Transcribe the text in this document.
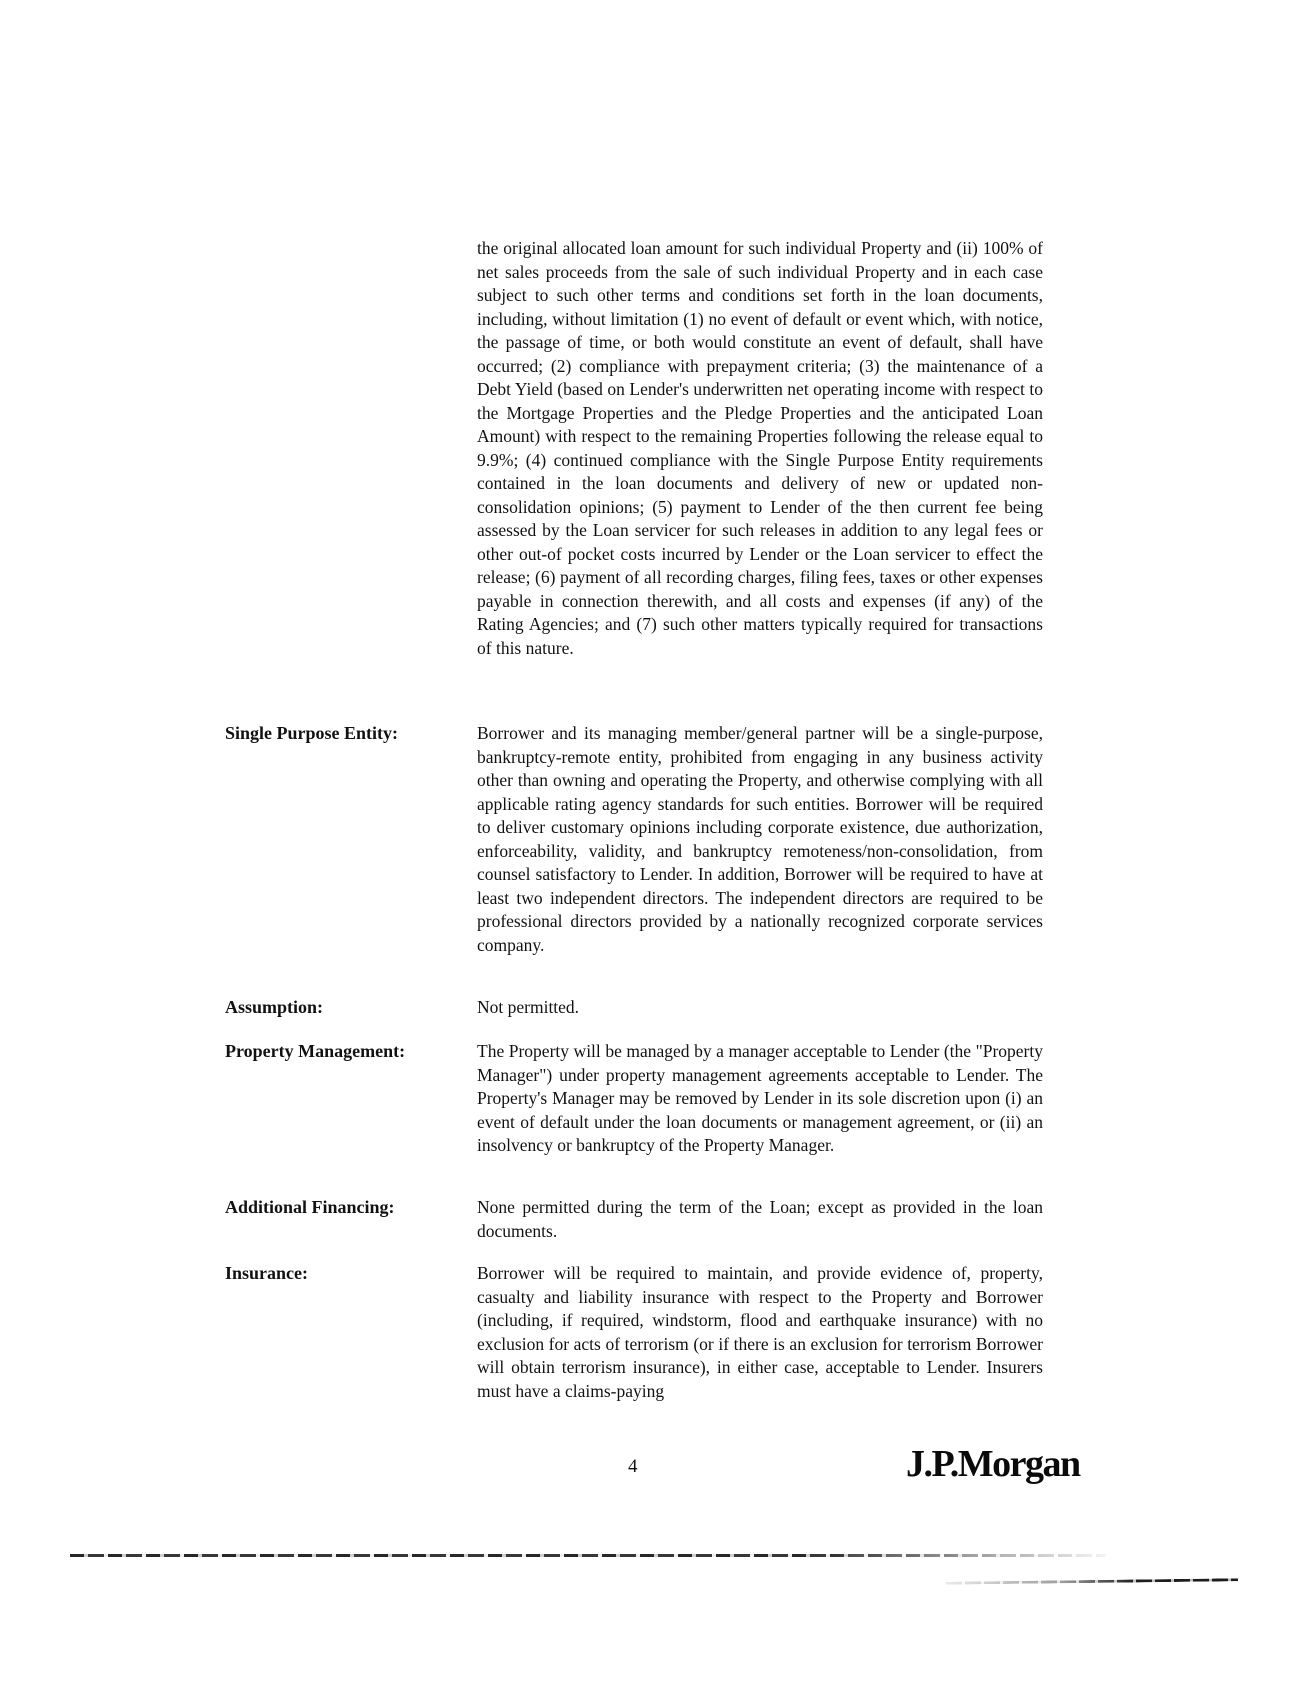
the original allocated loan amount for such individual Property and (ii) 100% of net sales proceeds from the sale of such individual Property and in each case subject to such other terms and conditions set forth in the loan documents, including, without limitation (1) no event of default or event which, with notice, the passage of time, or both would constitute an event of default, shall have occurred; (2) compliance with prepayment criteria; (3) the maintenance of a Debt Yield (based on Lender's underwritten net operating income with respect to the Mortgage Properties and the Pledge Properties and the anticipated Loan Amount) with respect to the remaining Properties following the release equal to 9.9%; (4) continued compliance with the Single Purpose Entity requirements contained in the loan documents and delivery of new or updated non-consolidation opinions; (5) payment to Lender of the then current fee being assessed by the Loan servicer for such releases in addition to any legal fees or other out-of pocket costs incurred by Lender or the Loan servicer to effect the release; (6) payment of all recording charges, filing fees, taxes or other expenses payable in connection therewith, and all costs and expenses (if any) of the Rating Agencies; and (7) such other matters typically required for transactions of this nature.
Single Purpose Entity:	Borrower and its managing member/general partner will be a single-purpose, bankruptcy-remote entity, prohibited from engaging in any business activity other than owning and operating the Property, and otherwise complying with all applicable rating agency standards for such entities. Borrower will be required to deliver customary opinions including corporate existence, due authorization, enforceability, validity, and bankruptcy remoteness/non-consolidation, from counsel satisfactory to Lender. In addition, Borrower will be required to have at least two independent directors. The independent directors are required to be professional directors provided by a nationally recognized corporate services company.
Assumption:	Not permitted.
Property Management:	The Property will be managed by a manager acceptable to Lender (the "Property Manager") under property management agreements acceptable to Lender. The Property's Manager may be removed by Lender in its sole discretion upon (i) an event of default under the loan documents or management agreement, or (ii) an insolvency or bankruptcy of the Property Manager.
Additional Financing:	None permitted during the term of the Loan; except as provided in the loan documents.
Insurance:	Borrower will be required to maintain, and provide evidence of, property, casualty and liability insurance with respect to the Property and Borrower (including, if required, windstorm, flood and earthquake insurance) with no exclusion for acts of terrorism (or if there is an exclusion for terrorism Borrower will obtain terrorism insurance), in either case, acceptable to Lender. Insurers must have a claims-paying
4	J.P.Morgan
